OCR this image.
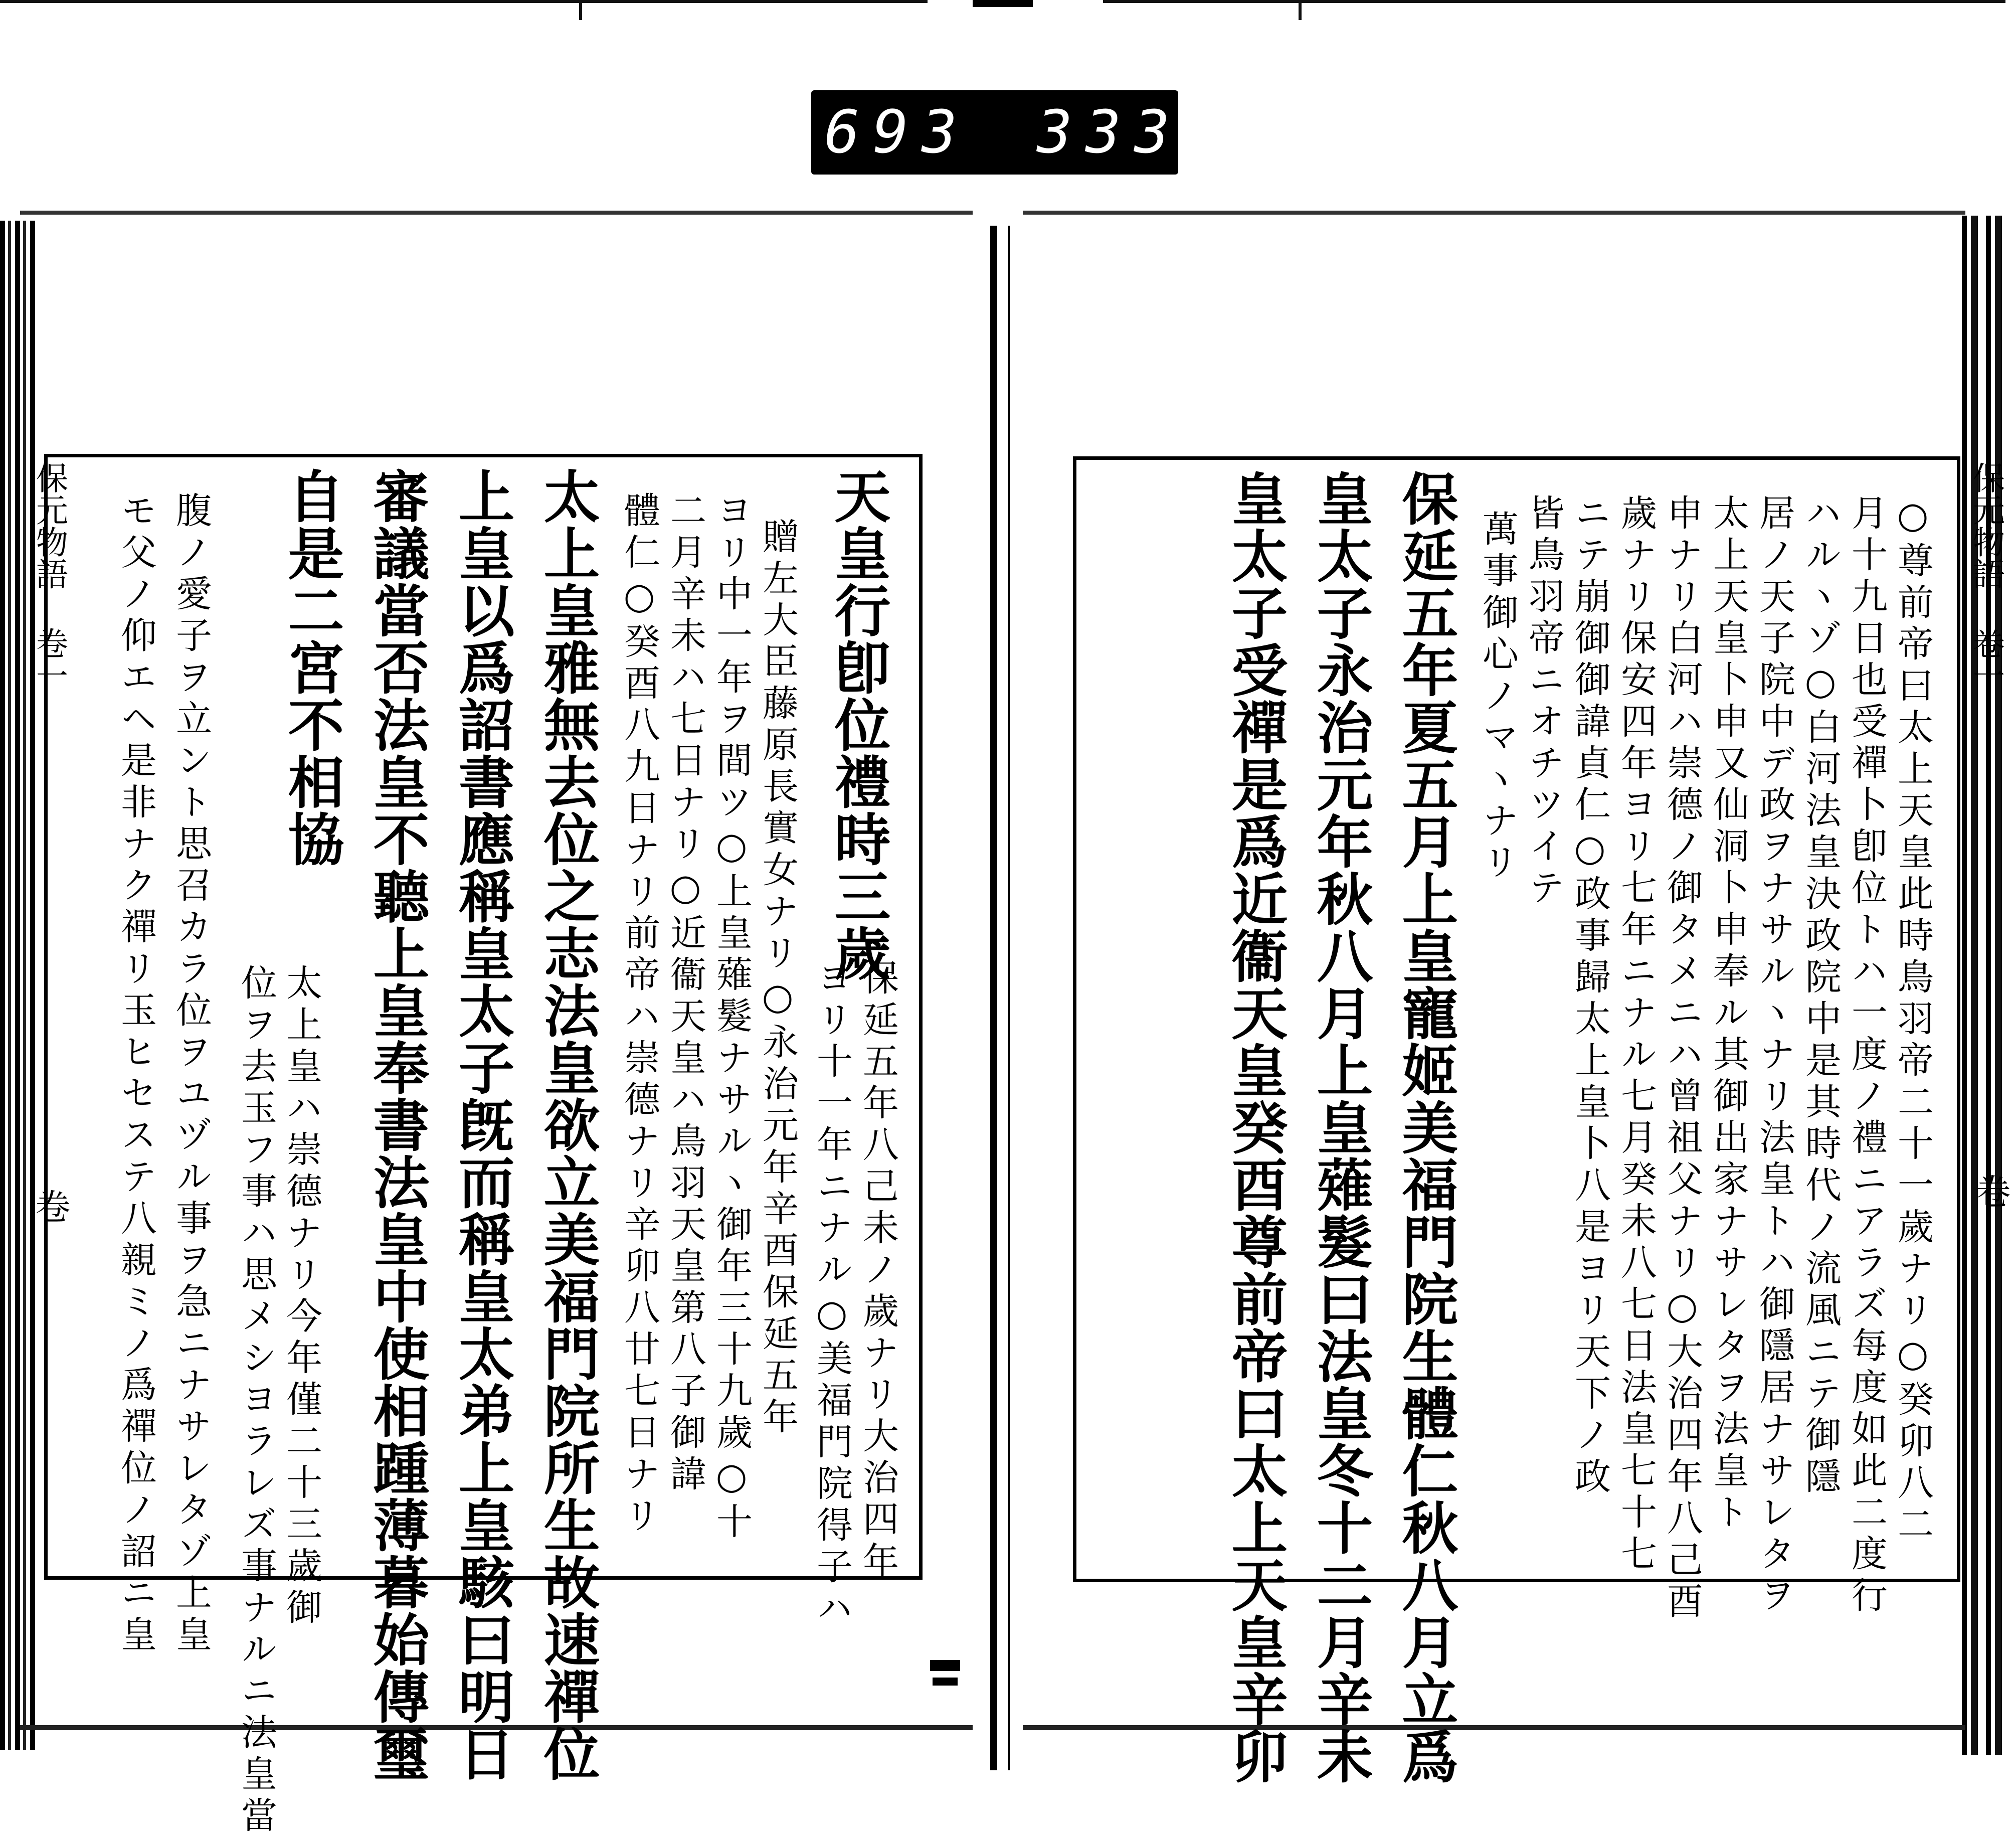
693 333
保元物語 卷一	保元物語 卷一
卷	卷
○尊前帝曰太上天皇此時鳥羽帝二十一歲ナリ○癸卯八二
月十九日也受禪卜卽位トハ一度ノ禮ニアラズ每度如此二度行
ハルヽゾ○白河法皇決政院中是其時代ノ流風ニテ御隱
居ノ天子院中デ政ヲナサルヽナリ法皇トハ御隱居ナサレタヲ
太上天皇卜申又仙洞卜申奉ル其御出家ナサレタヲ法皇ト
申ナリ白河ハ崇德ノ御タメニハ曾祖父ナリ○大治四年八己酉
歲ナリ保安四年ヨリ七年ニナル七月癸未八七日法皇七十七
ニテ崩御御諱貞仁○政事歸太上皇卜八是ヨリ天下ノ政
皆鳥羽帝ニオチツイテ
萬事御心ノマヽナリ
保延五年夏五月上皇寵姬美福門院生體仁秋八月立爲
皇太子永治元年秋八月上皇薙髮曰法皇冬十二月辛未
皇太子受禪是爲近衞天皇癸酉尊前帝曰太上天皇辛卯
天皇行卽位禮時三歲
保延五年八己未ノ歲ナリ大治四年
ヨリ十一年ニナル○美福門院得子ハ
贈左大臣藤原長實女ナリ○永治元年辛酉保延五年
ヨリ中一年ヲ間ツ○上皇薙髮ナサルヽ御年三十九歲○十
二月辛未ハ七日ナリ○近衞天皇ハ鳥羽天皇第八子御諱
體仁○癸酉八九日ナリ前帝ハ崇德ナリ辛卯八廿七日ナリ
太上皇雅無去位之志法皇欲立美福門院所生故速禪位
上皇以爲詔書應稱皇太子旣而稱皇太弟上皇駭曰明日
審議當否法皇不聽上皇奉書法皇中使相踵薄暮始傳璽
自是二宮不相協
太上皇ハ崇德ナリ今年僅二十三歲御
位ヲ去玉フ事ハ思メシヨラレズ事ナルニ法皇當
腹ノ愛子ヲ立ント思召カラ位ヲユヅル事ヲ急ニナサレタゾ上皇
モ父ノ仰エヘ是非ナク禪リ玉ヒセステ八親ミノ爲禪位ノ詔ニ皇
